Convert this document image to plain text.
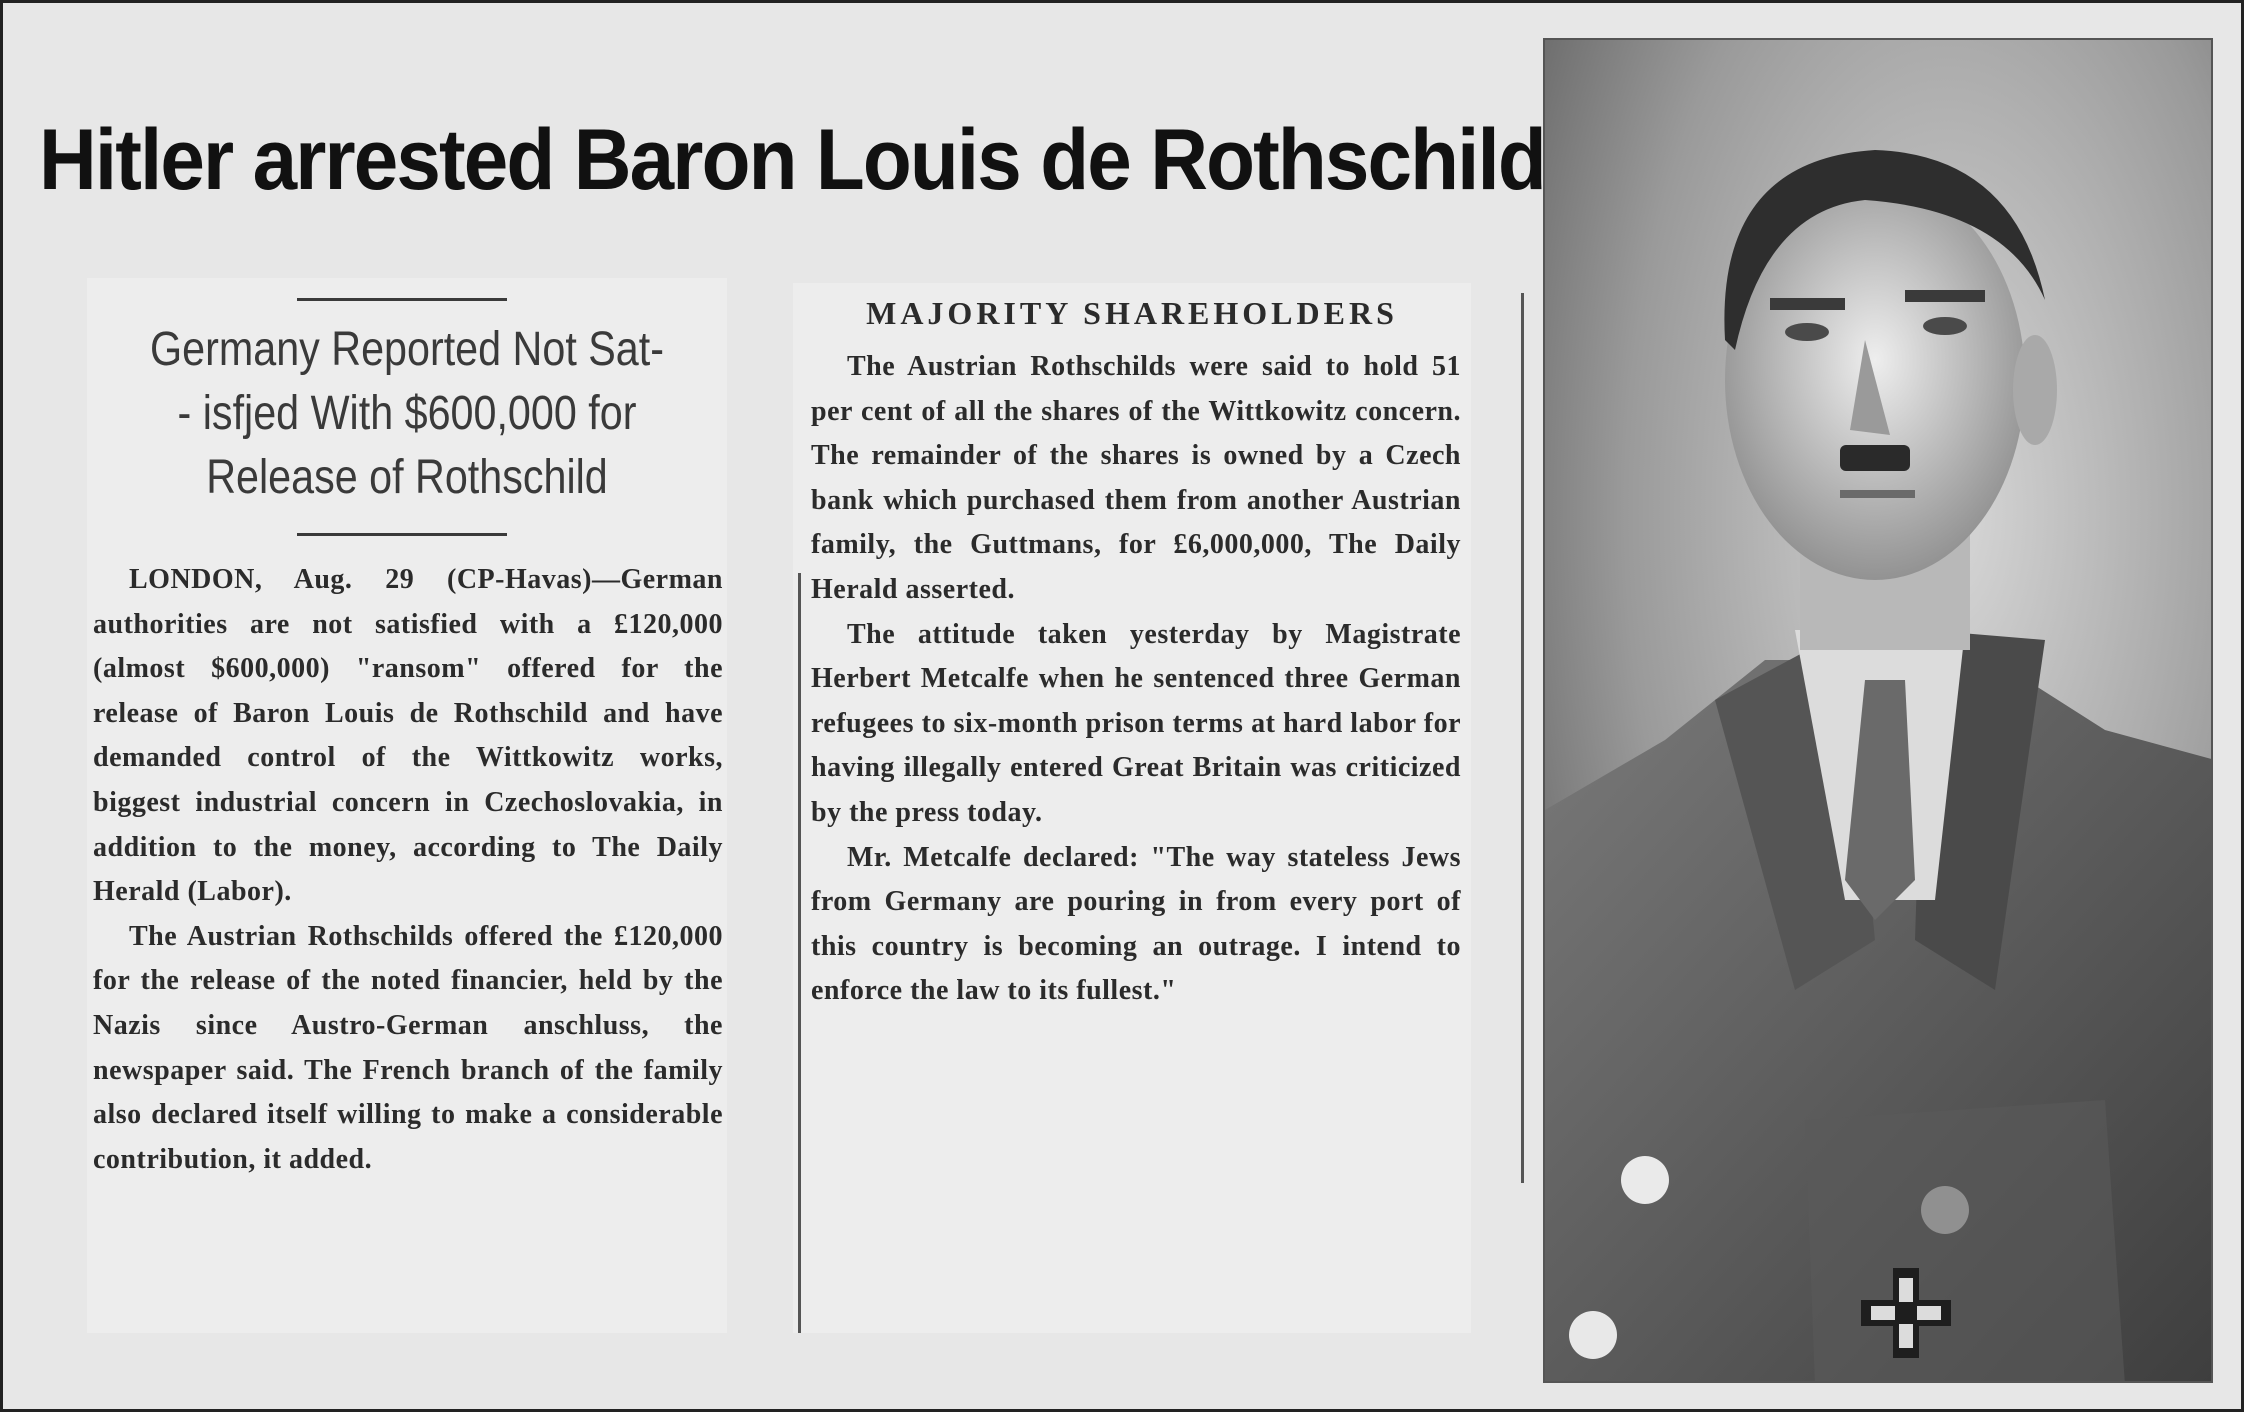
Hitler arrested Baron Louis de Rothschild
Germany Reported Not Sat-
- isfjed With $600,000 for
Release of Rothschild

LONDON, Aug. 29 (CP-Havas)—German authorities are not satisfied with a £120,000 (almost $600,000) "ransom" offered for the release of Baron Louis de Rothschild and have demanded control of the Wittkowitz works, biggest industrial concern in Czechoslovakia, in addition to the money, according to The Daily Herald (Labor).

The Austrian Rothschilds offered the £120,000 for the release of the noted financier, held by the Nazis since Austro-German anschluss, the newspaper said. The French branch of the family also declared itself willing to make a considerable contribution, it added.

MAJORITY SHAREHOLDERS

The Austrian Rothschilds were said to hold 51 per cent of all the shares of the Wittkowitz concern. The remainder of the shares is owned by a Czech bank which purchased them from another Austrian family, the Guttmans, for £6,000,000, The Daily Herald asserted.

The attitude taken yesterday by Magistrate Herbert Metcalfe when he sentenced three German refugees to six-month prison terms at hard labor for having illegally entered Great Britain was criticized by the press today.

Mr. Metcalfe declared: "The way stateless Jews from Germany are pouring in from every port of this country is becoming an outrage. I intend to enforce the law to its fullest."
